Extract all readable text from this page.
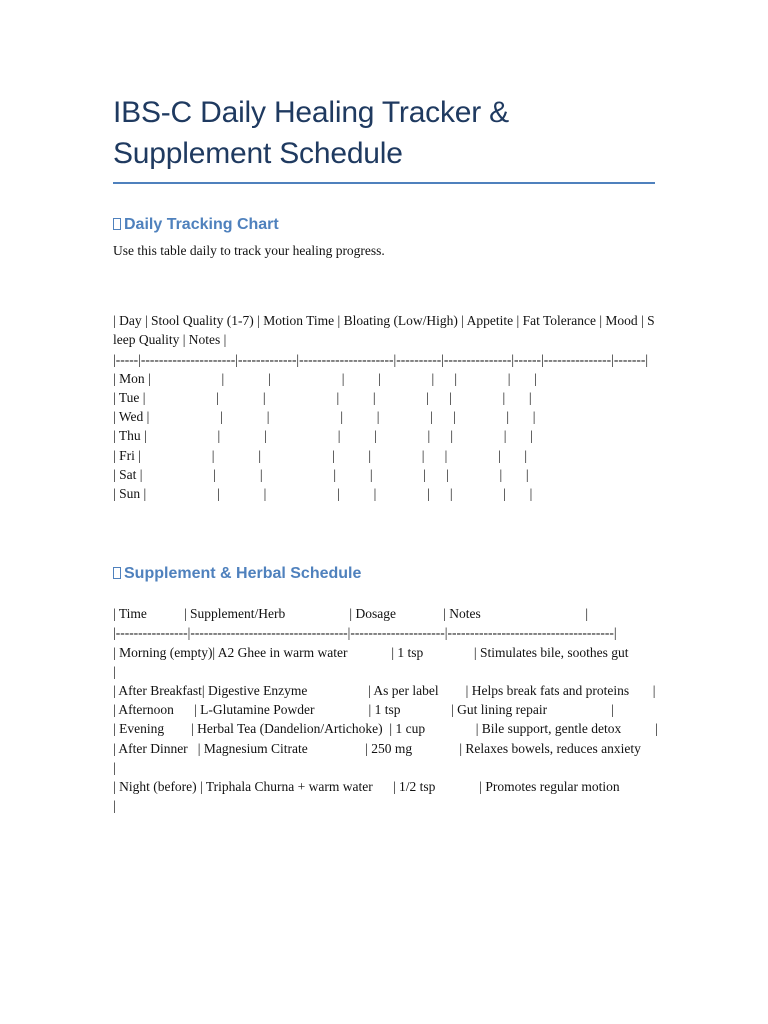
IBS-C Daily Healing Tracker & Supplement Schedule
Daily Tracking Chart

Use this table daily to track your healing progress.

| Day | Stool Quality (1-7) | Motion Time | Bloating (Low/High) | Appetite | Fat Tolerance | Mood | Sleep Quality | Notes |
|-----|---------------------|-------------|---------------------|----------|---------------|------|---------------|-------|
| Mon |                     |             |                     |          |               |      |               |       |
| Tue |                     |             |                     |          |               |      |               |       |
| Wed |                     |             |                     |          |               |      |               |       |
| Thu |                     |             |                     |          |               |      |               |       |
| Fri |                     |             |                     |          |               |      |               |       |
| Sat |                     |             |                     |          |               |      |               |       |
| Sun |                     |             |                     |          |               |      |               |       |
Supplement & Herbal Schedule
| Time           | Supplement/Herb                   | Dosage              | Notes                               |
|----------------|-----------------------------------|---------------------|-------------------------------------|
| Morning (empty)| A2 Ghee in warm water             | 1 tsp               | Stimulates bile, soothes gut        |
| After Breakfast| Digestive Enzyme                  | As per label        | Helps break fats and proteins       |
| Afternoon      | L-Glutamine Powder                | 1 tsp               | Gut lining repair                   |
| Evening        | Herbal Tea (Dandelion/Artichoke)  | 1 cup               | Bile support, gentle detox          |
| After Dinner   | Magnesium Citrate                 | 250 mg              | Relaxes bowels, reduces anxiety     |
| Night (before) | Triphala Churna + warm water      | 1/2 tsp             | Promotes regular motion             |
